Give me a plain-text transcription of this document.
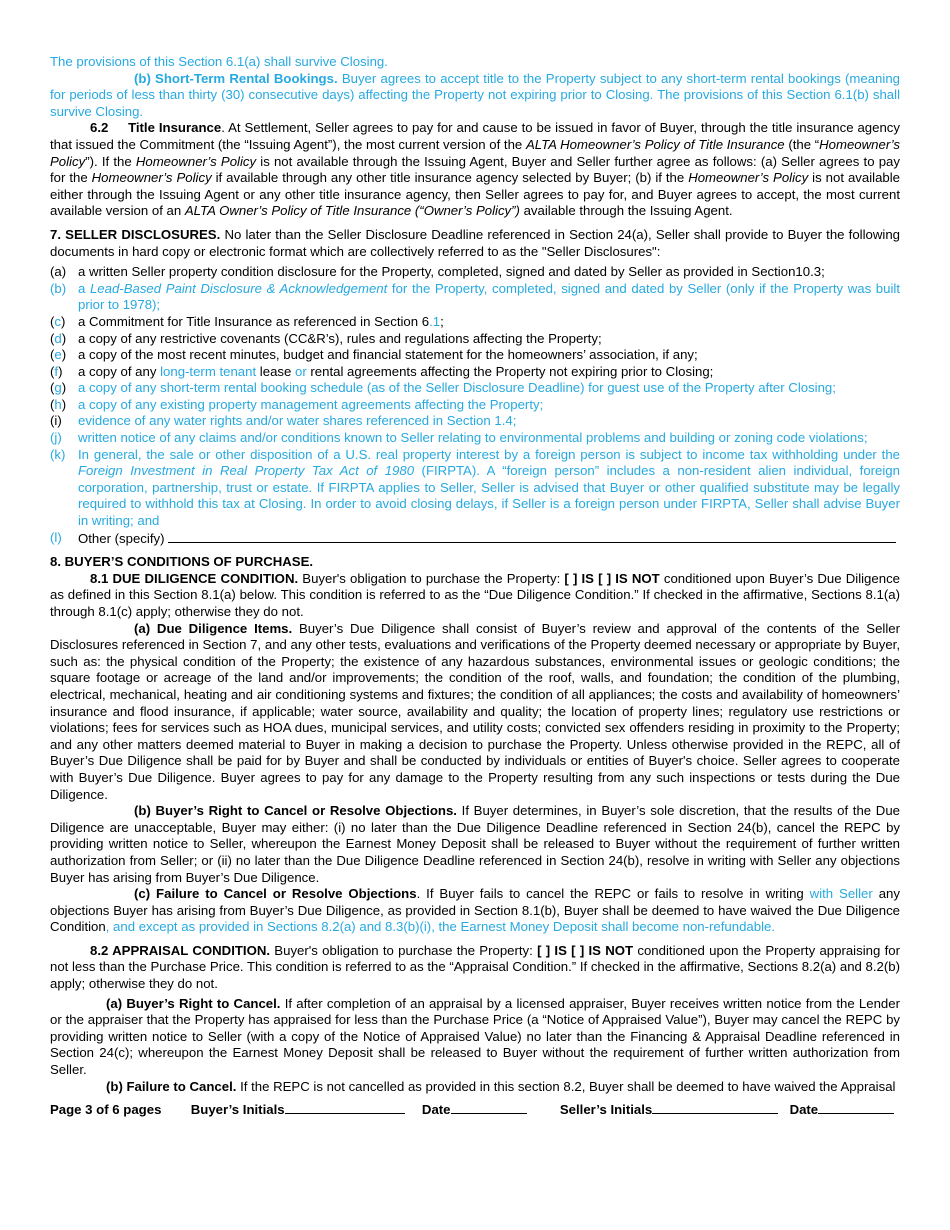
The provisions of this Section 6.1(a) shall survive Closing.

(b) Short-Term Rental Bookings. Buyer agrees to accept title to the Property subject to any short-term rental bookings (meaning for periods of less than thirty (30) consecutive days) affecting the Property not expiring prior to Closing. The provisions of this Section 6.1(b) shall survive Closing.

6.2 Title Insurance. At Settlement, Seller agrees to pay for and cause to be issued in favor of Buyer, through the title insurance agency that issued the Commitment (the “Issuing Agent”), the most current version of the ALTA Homeowner’s Policy of Title Insurance (the “Homeowner’s Policy”). If the Homeowner’s Policy is not available through the Issuing Agent, Buyer and Seller further agree as follows: (a) Seller agrees to pay for the Homeowner’s Policy if available through any other title insurance agency selected by Buyer; (b) if the Homeowner’s Policy is not available either through the Issuing Agent or any other title insurance agency, then Seller agrees to pay for, and Buyer agrees to accept, the most current available version of an ALTA Owner’s Policy of Title Insurance (“Owner’s Policy”) available through the Issuing Agent.

7. SELLER DISCLOSURES. No later than the Seller Disclosure Deadline referenced in Section 24(a), Seller shall provide to Buyer the following documents in hard copy or electronic format which are collectively referred to as the "Seller Disclosures":

(a) a written Seller property condition disclosure for the Property, completed, signed and dated by Seller as provided in Section10.3;
(b) a Lead-Based Paint Disclosure & Acknowledgement for the Property, completed, signed and dated by Seller (only if the Property was built prior to 1978);
(c) a Commitment for Title Insurance as referenced in Section 6.1;
(d) a copy of any restrictive covenants (CC&R’s), rules and regulations affecting the Property;
(e) a copy of the most recent minutes, budget and financial statement for the homeowners’ association, if any;
(f) a copy of any long-term tenant lease or rental agreements affecting the Property not expiring prior to Closing;
(g) a copy of any short-term rental booking schedule (as of the Seller Disclosure Deadline) for guest use of the Property after Closing;
(h) a copy of any existing property management agreements affecting the Property;
(i) evidence of any water rights and/or water shares referenced in Section 1.4;
(j) written notice of any claims and/or conditions known to Seller relating to environmental problems and building or zoning code violations;
(k) In general, the sale or other disposition of a U.S. real property interest by a foreign person is subject to income tax withholding under the Foreign Investment in Real Property Tax Act of 1980 (FIRPTA). A “foreign person” includes a non-resident alien individual, foreign corporation, partnership, trust or estate. If FIRPTA applies to Seller, Seller is advised that Buyer or other qualified substitute may be legally required to withhold this tax at Closing. In order to avoid closing delays, if Seller is a foreign person under FIRPTA, Seller shall advise Buyer in writing; and
(l) Other (specify)

8. BUYER’S CONDITIONS OF PURCHASE.

8.1 DUE DILIGENCE CONDITION. Buyer's obligation to purchase the Property: [ ] IS [ ] IS NOT conditioned upon Buyer’s Due Diligence as defined in this Section 8.1(a) below. This condition is referred to as the “Due Diligence Condition.” If checked in the affirmative, Sections 8.1(a) through 8.1(c) apply; otherwise they do not.

(a) Due Diligence Items. Buyer’s Due Diligence shall consist of Buyer’s review and approval of the contents of the Seller Disclosures referenced in Section 7, and any other tests, evaluations and verifications of the Property deemed necessary or appropriate by Buyer, such as: the physical condition of the Property; the existence of any hazardous substances, environmental issues or geologic conditions; the square footage or acreage of the land and/or improvements; the condition of the roof, walls, and foundation; the condition of the plumbing, electrical, mechanical, heating and air conditioning systems and fixtures; the condition of all appliances; the costs and availability of homeowners’ insurance and flood insurance, if applicable; water source, availability and quality; the location of property lines; regulatory use restrictions or violations; fees for services such as HOA dues, municipal services, and utility costs; convicted sex offenders residing in proximity to the Property; and any other matters deemed material to Buyer in making a decision to purchase the Property. Unless otherwise provided in the REPC, all of Buyer’s Due Diligence shall be paid for by Buyer and shall be conducted by individuals or entities of Buyer's choice. Seller agrees to cooperate with Buyer’s Due Diligence. Buyer agrees to pay for any damage to the Property resulting from any such inspections or tests during the Due Diligence.

(b) Buyer’s Right to Cancel or Resolve Objections. If Buyer determines, in Buyer’s sole discretion, that the results of the Due Diligence are unacceptable, Buyer may either: (i) no later than the Due Diligence Deadline referenced in Section 24(b), cancel the REPC by providing written notice to Seller, whereupon the Earnest Money Deposit shall be released to Buyer without the requirement of further written authorization from Seller; or (ii) no later than the Due Diligence Deadline referenced in Section 24(b), resolve in writing with Seller any objections Buyer has arising from Buyer’s Due Diligence.

(c) Failure to Cancel or Resolve Objections. If Buyer fails to cancel the REPC or fails to resolve in writing with Seller any objections Buyer has arising from Buyer’s Due Diligence, as provided in Section 8.1(b), Buyer shall be deemed to have waived the Due Diligence Condition, and except as provided in Sections 8.2(a) and 8.3(b)(i), the Earnest Money Deposit shall become non-refundable.

8.2 APPRAISAL CONDITION. Buyer's obligation to purchase the Property: [ ] IS [ ] IS NOT conditioned upon the Property appraising for not less than the Purchase Price. This condition is referred to as the “Appraisal Condition.” If checked in the affirmative, Sections 8.2(a) and 8.2(b) apply; otherwise they do not.

(a) Buyer’s Right to Cancel. If after completion of an appraisal by a licensed appraiser, Buyer receives written notice from the Lender or the appraiser that the Property has appraised for less than the Purchase Price (a “Notice of Appraised Value”), Buyer may cancel the REPC by providing written notice to Seller (with a copy of the Notice of Appraised Value) no later than the Financing & Appraisal Deadline referenced in Section 24(c); whereupon the Earnest Money Deposit shall be released to Buyer without the requirement of further written authorization from Seller.

(b) Failure to Cancel. If the REPC is not cancelled as provided in this section 8.2, Buyer shall be deemed to have waived the Appraisal

Page 3 of 6 pages Buyer’s Initials	Date	Seller’s Initials	Date
